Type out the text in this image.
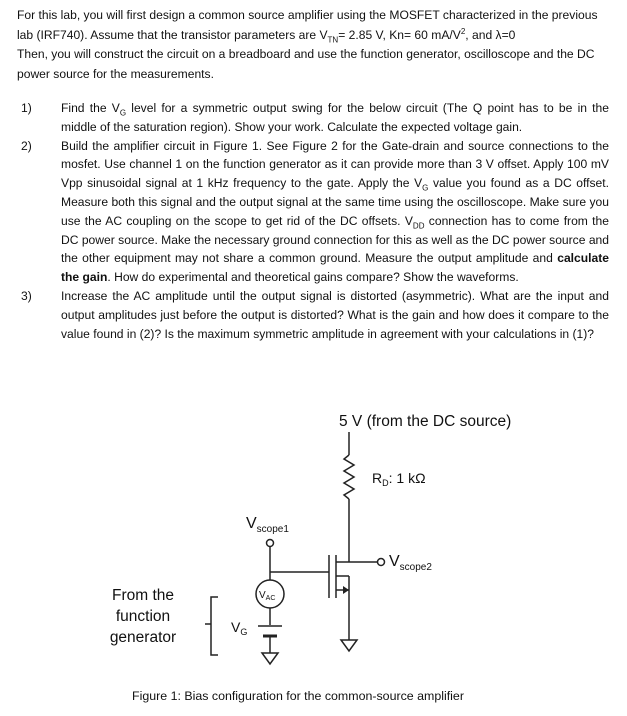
For this lab, you will first design a common source amplifier using the MOSFET characterized in the previous lab (IRF740). Assume that the transistor parameters are $V_{TN}= 2.85$ V, Kn= 60 $mA/V^2$, and λ=0
Then, you will construct the circuit on a breadboard and use the function generator, oscilloscope and the DC power source for the measurements.
1)	Find the $V_G$ level for a symmetric output swing for the below circuit (The Q point has to be in the middle of the saturation region). Show your work. Calculate the expected voltage gain.
2)	Build the amplifier circuit in Figure 1. See Figure 2 for the Gate-drain and source connections to the mosfet. Use channel 1 on the function generator as it can provide more than 3 V offset. Apply 100 mV Vpp sinusoidal signal at 1 kHz frequency to the gate. Apply the $V_G$ value you found as a DC offset. Measure both this signal and the output signal at the same time using the oscilloscope. Make sure you use the AC coupling on the scope to get rid of the DC offsets. $V_{DD}$ connection has to come from the DC power source. Make the necessary ground connection for this as well as the DC power source and the other equipment may not share a common ground. Measure the output amplitude and calculate the gain. How do experimental and theoretical gains compare? Show the waveforms.
3)	Increase the AC amplitude until the output signal is distorted (asymmetric). What are the input and output amplitudes just before the output is distorted? What is the gain and how does it compare to the value found in (2)? Is the maximum symmetric amplitude in agreement with your calculations in (1)?
5 V (from the DC source)
$R_D$: 1 kΩ
$V_{scope1}$
$V_{scope2}$
$V_{AC}$
$V_G$
From the
function
generator
Figure 1: Bias configuration for the common-source amplifier
